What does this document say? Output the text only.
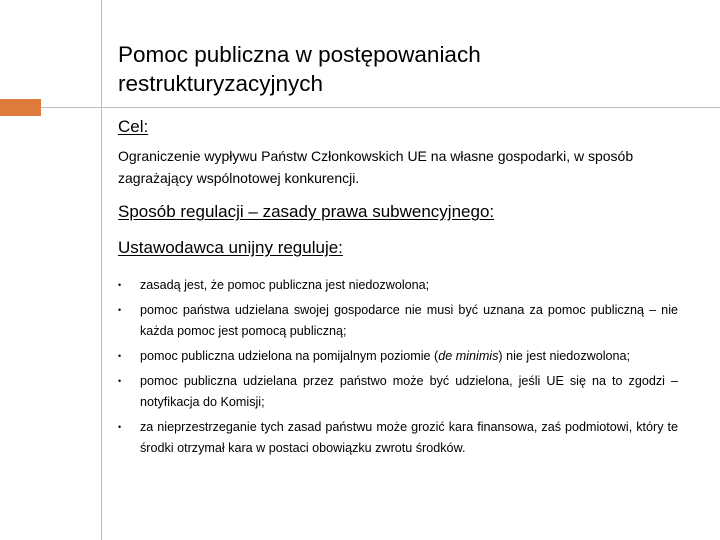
Pomoc publiczna w postępowaniach restrukturyzacyjnych
Cel:

Ograniczenie wypływu Państw Członkowskich UE na własne gospodarki, w sposób zagrażający wspólnotowej konkurencji.

Sposób regulacji – zasady prawa subwencyjnego:
Ustawodawca unijny reguluje:
• zasadą jest, że pomoc publiczna jest niedozwolona;
• pomoc państwa udzielana swojej gospodarce nie musi być uznana za pomoc publiczną – nie każda pomoc jest pomocą publiczną;
• pomoc publiczna udzielona na pomijalnym poziomie (de minimis) nie jest niedozwolona;
• pomoc publiczna udzielana przez państwo może być udzielona, jeśli UE się na to zgodzi – notyfikacja do Komisji;
• za nieprzestrzeganie tych zasad państwu może grozić kara finansowa, zaś podmiotowi, który te środki otrzymał kara w postaci obowiązku zwrotu środków.
